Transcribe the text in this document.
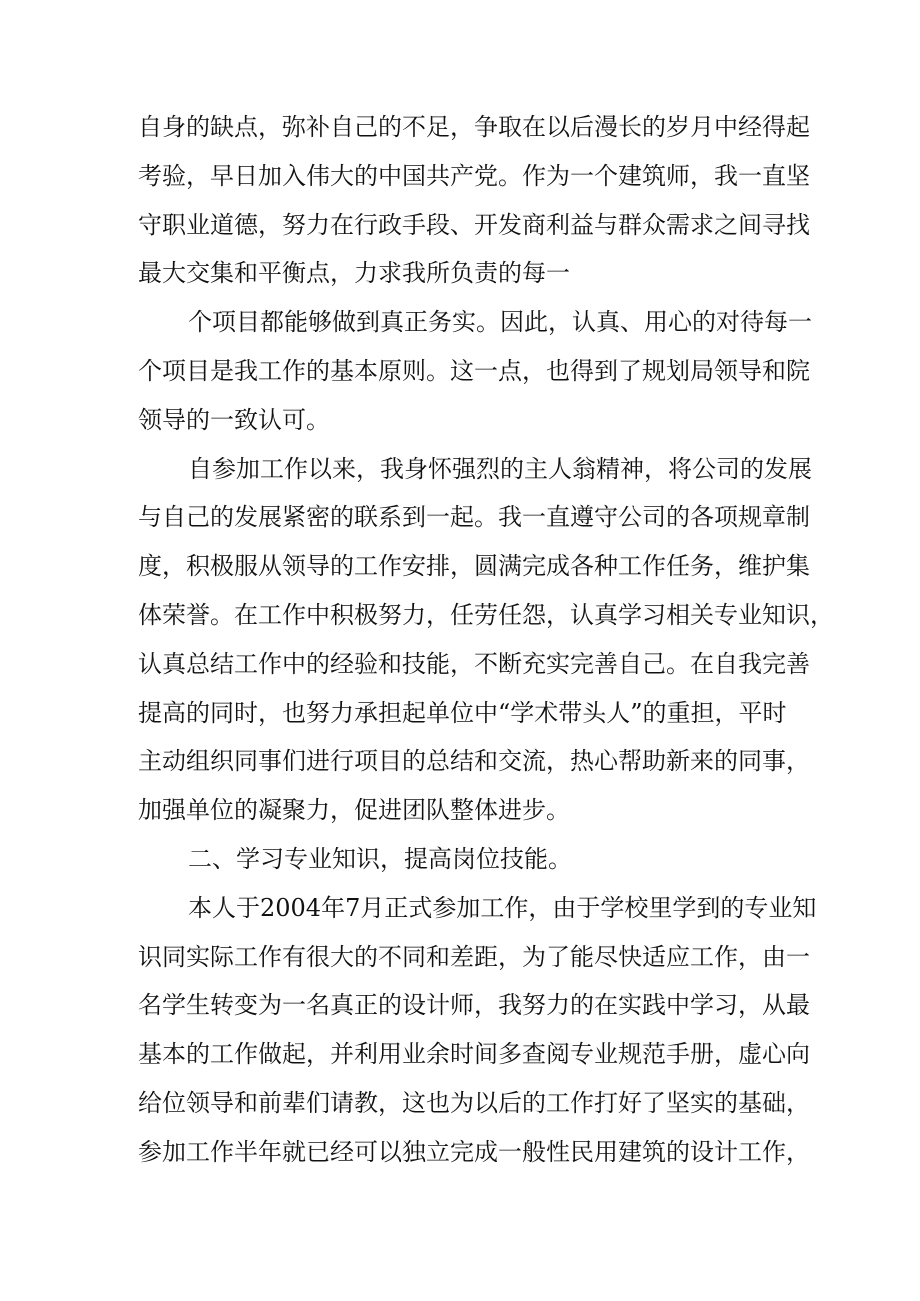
自身的缺点，弥补自己的不足，争取在以后漫长的岁月中经得起
考验，早日加入伟大的中国共产党。作为一个建筑师，我一直坚
守职业道德，努力在行政手段、开发商利益与群众需求之间寻找
最大交集和平衡点，力求我所负责的每一
个项目都能够做到真正务实。因此，认真、用心的对待每一
个项目是我工作的基本原则。这一点，也得到了规划局领导和院
领导的一致认可。
自参加工作以来，我身怀强烈的主人翁精神，将公司的发展
与自己的发展紧密的联系到一起。我一直遵守公司的各项规章制
度，积极服从领导的工作安排，圆满完成各种工作任务，维护集
体荣誉。在工作中积极努力，任劳任怨，认真学习相关专业知识，
认真总结工作中的经验和技能，不断充实完善自己。在自我完善
提高的同时，也努力承担起单位中“学术带头人”的重担，平时
主动组织同事们进行项目的总结和交流，热心帮助新来的同事，
加强单位的凝聚力，促进团队整体进步。
二、学习专业知识，提高岗位技能。
本人于2004年7月正式参加工作，由于学校里学到的专业知
识同实际工作有很大的不同和差距，为了能尽快适应工作，由一
名学生转变为一名真正的设计师，我努力的在实践中学习，从最
基本的工作做起，并利用业余时间多查阅专业规范手册，虚心向
给位领导和前辈们请教，这也为以后的工作打好了坚实的基础，
参加工作半年就已经可以独立完成一般性民用建筑的设计工作，
